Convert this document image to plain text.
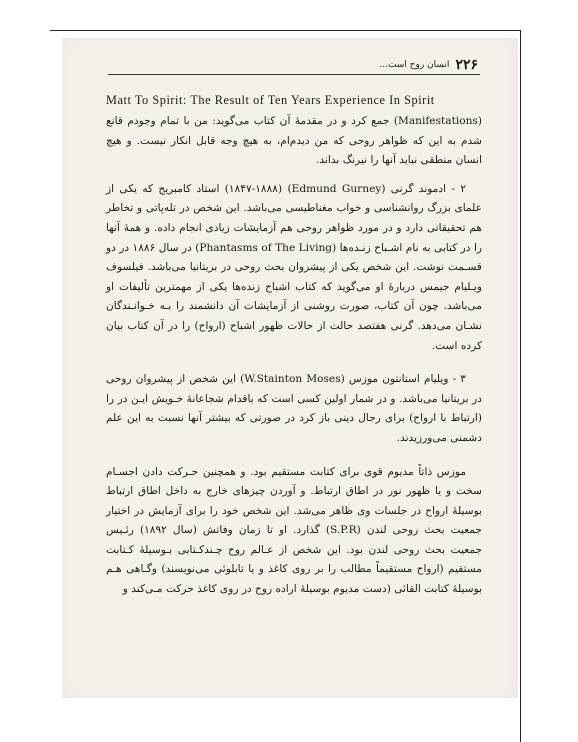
۲۲۶
انسان روح است...
Matt To Spirit: The Result of Ten Years Experience In Spirit

(Manifestations) جمع کرد و در مقدمهٔ آن کتاب می‌گوید: من با تمام وجودم قانع شدم به این که ظواهر روحی که من دیدم‌ام، به هیچ وجه قابل انکار نیست. و هیچ انسان منطقی نباید آنها را نیرنگ بداند.

۲ - ادموند گرنی (Edmund Gurney) (۱۸۴۷-۱۸۸۸) استاد کامبریج که یکی از علمای بزرگ روانشناسی و خواب مغناطیسی می‌باشد. این شخص در تله‌پاتی و تخاطر هم تحقیقاتی دارد و در مورد ظواهر روحی هم آزمایشات زیادی انجام داده. و همهٔ آنها را در کتابی به نام اشـباح زنـده‌ها (Phantasms of The Living) در سال ۱۸۸۶ در دو قسـمت نوشت. این شخص یکی از پیشروان بحث روحی در بریتانیا می‌باشد. فیلسوف ویـلیام جیمس دربارهٔ او می‌گوید که کتاب اشباح زنده‌ها یکی از مهمترین تألیفات او می‌باشد. چون آن کتاب، صورت روشنی از آزمایشات آن دانشمند را بـه خـوانـندگان نشـان می‌دهد. گرنی هفتصد حالت از حالات ظهور اشباح (ارواح) را در آن کتاب بیان کرده است.

۳ - ویلیام استانتون موزس (W.Stainton Moses) این شخص از پیشروان روحی در بریتانیا می‌باشد. و در شمار اولین کسی است که باقدام شجاعانهٔ خـویش ایـن در را (ارتباط با ارواح) برای رجال دینی باز کرد در صورتی که بیشتر آنها نسبت به این علم دشمنی می‌ورزیدند.

موزس ذاتاً مدیوم قوی برای کتابت مستقیم بود. و همچنین حـرکت دادن اجسـام سخت و یا ظهور نور در اطاق ارتباط. و آوردن چیزهای خارج به داخل اطاق ارتباط بوسیلهٔ ارواح در جلسات وی ظاهر می‌شد. این شخص خود را برای آزمایش در اختیار جمعیت بحث روحی لندن (S.P.R) گذارد. او تا زمان وفاتش (سال ۱۸۹۲) رئـیس جمعیت بحث روحی لندن بود. این شخص از عـالم روح چـندکـتابی بـوسیلهٔ کـتابت مستقیم (ارواح مستقیماً مطالب را بر روی کاغذ و یا تابلوئی می‌نویسند) وگـاهی هـم بوسیلهٔ کتابت القائی (دست مدیوم بوسیلهٔ اراده روح در روی کاغذ حرکت مـی‌کند و
